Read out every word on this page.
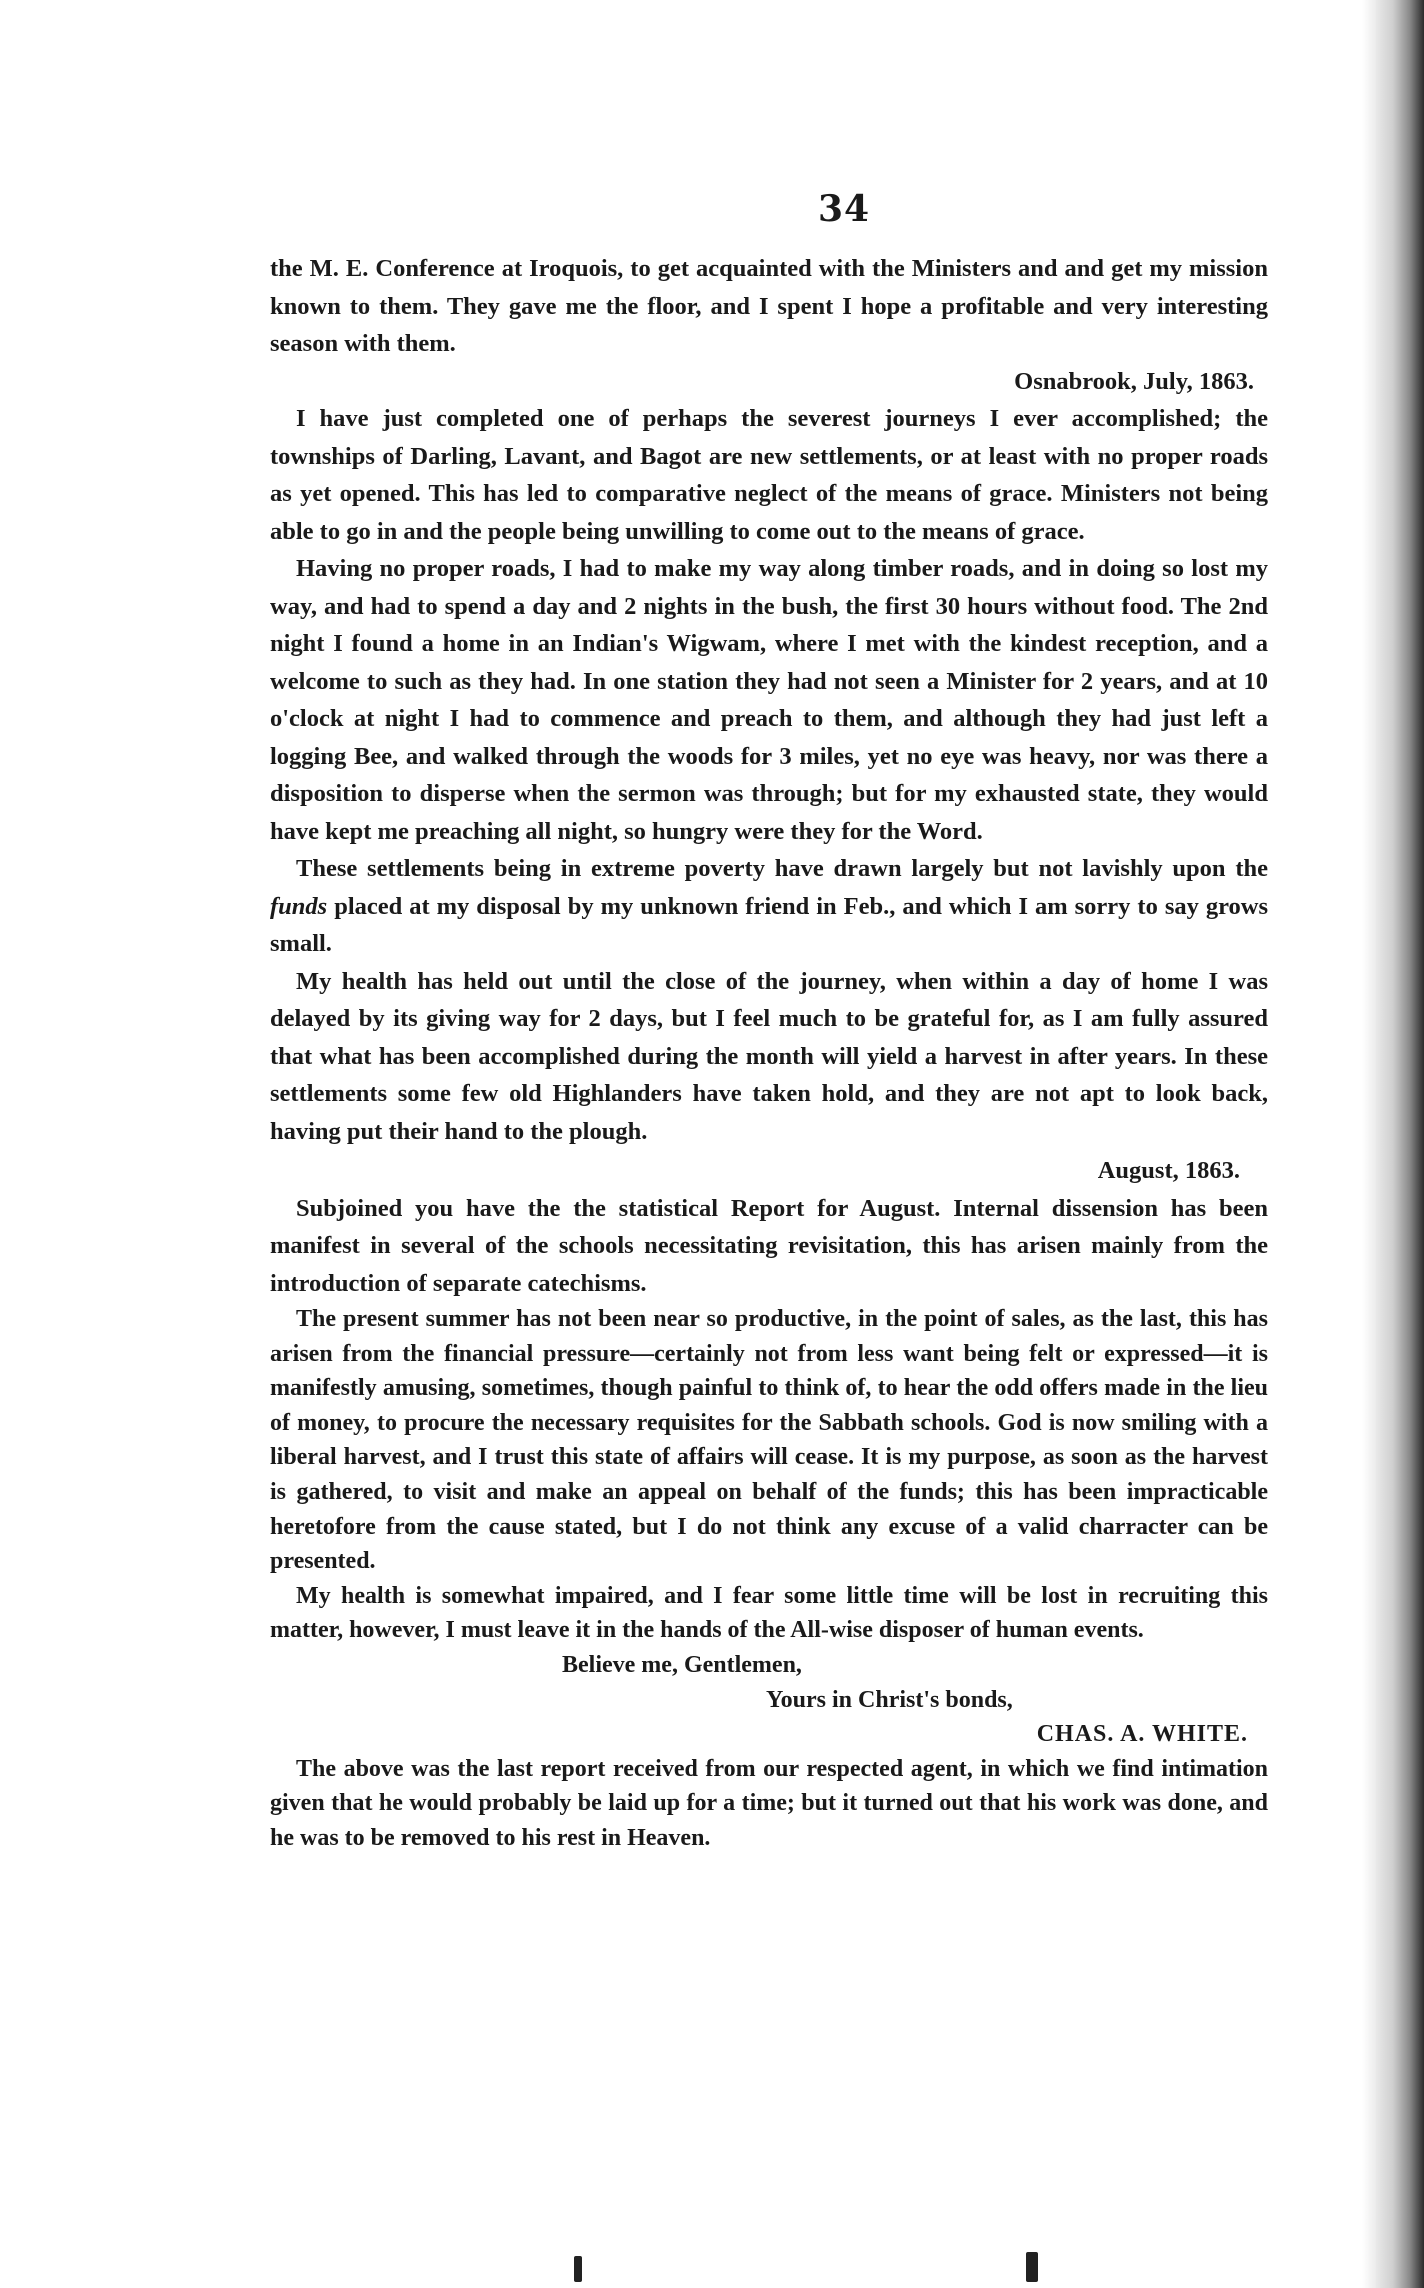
34

the M. E. Conference at Iroquois, to get acquainted with the Ministers and and get my mission known to them. They gave me the floor, and I spent I hope a profitable and very interesting season with them.

Osnabrook, July, 1863.

I have just completed one of perhaps the severest journeys I ever accomplished; the townships of Darling, Lavant, and Bagot are new settlements, or at least with no proper roads as yet opened. This has led to comparative neglect of the means of grace. Ministers not being able to go in and the people being unwilling to come out to the means of grace.

Having no proper roads, I had to make my way along timber roads, and in doing so lost my way, and had to spend a day and 2 nights in the bush, the first 30 hours without food. The 2nd night I found a home in an Indian's Wigwam, where I met with the kindest reception, and a welcome to such as they had. In one station they had not seen a Minister for 2 years, and at 10 o'clock at night I had to commence and preach to them, and although they had just left a logging Bee, and walked through the woods for 3 miles, yet no eye was heavy, nor was there a disposition to disperse when the sermon was through; but for my exhausted state, they would have kept me preaching all night, so hungry were they for the Word.

These settlements being in extreme poverty have drawn largely but not lavishly upon the funds placed at my disposal by my unknown friend in Feb., and which I am sorry to say grows small.

My health has held out until the close of the journey, when within a day of home I was delayed by its giving way for 2 days, but I feel much to be grateful for, as I am fully assured that what has been accomplished during the month will yield a harvest in after years. In these settlements some few old Highlanders have taken hold, and they are not apt to look back, having put their hand to the plough.

August, 1863.

Subjoined you have the the statistical Report for August. Internal dissension has been manifest in several of the schools necessitating revisitation, this has arisen mainly from the introduction of separate catechisms.

The present summer has not been near so productive, in the point of sales, as the last, this has arisen from the financial pressure—certainly not from less want being felt or expressed—it is manifestly amusing, sometimes, though painful to think of, to hear the odd offers made in the lieu of money, to procure the necessary requisites for the Sabbath schools. God is now smiling with a liberal harvest, and I trust this state of affairs will cease. It is my purpose, as soon as the harvest is gathered, to visit and make an appeal on behalf of the funds; this has been impracticable heretofore from the cause stated, but I do not think any excuse of a valid charracter can be presented.

My health is somewhat impaired, and I fear some little time will be lost in recruiting this matter, however, I must leave it in the hands of the All-wise disposer of human events.

Believe me, Gentlemen,

Yours in Christ's bonds,

CHAS. A. WHITE.

The above was the last report received from our respected agent, in which we find intimation given that he would probably be laid up for a time; but it turned out that his work was done, and he was to be removed to his rest in Heaven.
